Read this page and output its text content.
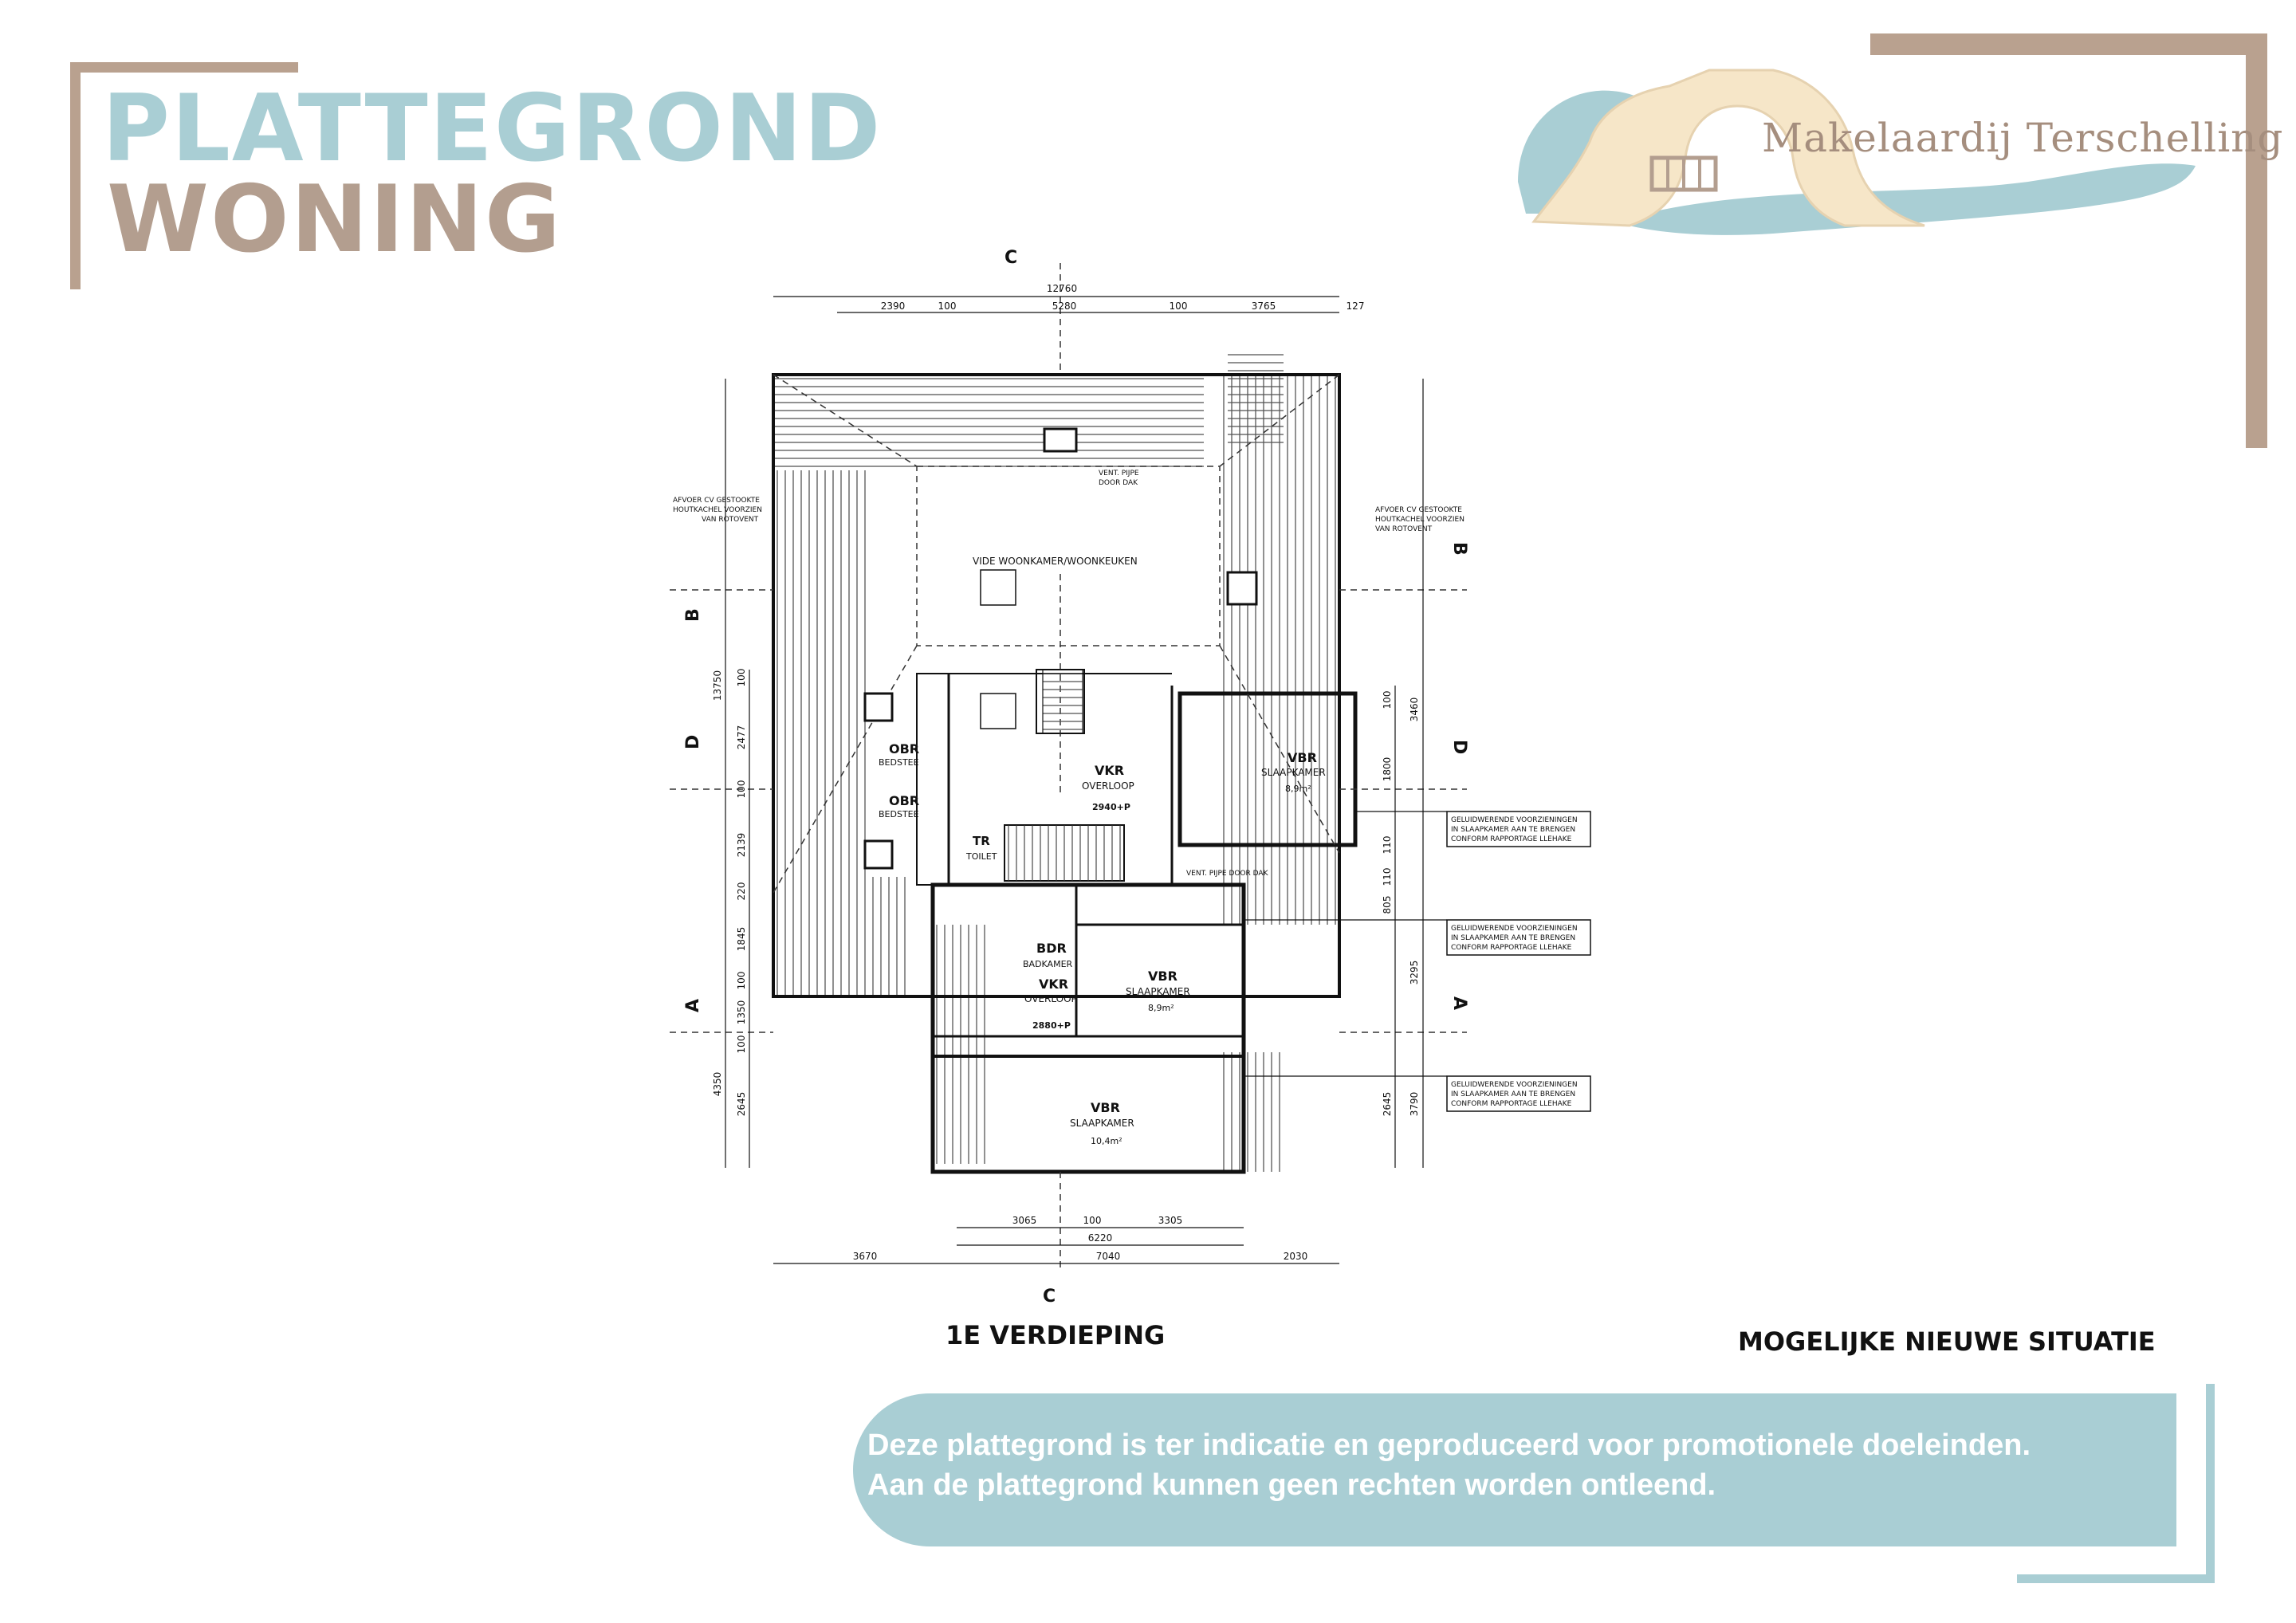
PLATTEGROND
WONING
Makelaardij Terschelling
12760
2390	100	5280	100	3765	127
3065	100	3305
6220
3670	7040	2030
13750
4350
100
2477
100
2139
220
1845
100
1350
100
2645
3460
100
1800
110
110
805
3295
2645 3790
C
C
B
B
D	D
A	A
AFVOER CV GESTOOKTE
HOUTKACHEL VOORZIEN
VAN ROTOVENT
AFVOER CV GESTOOKTE
HOUTKACHEL VOORZIEN
VAN ROTOVENT
VENT. PIJPE
DOOR DAK
VENT. PIJPE DOOR DAK
VIDE WOONKAMER/WOONKEUKEN
GELUIDWERENDE VOORZIENINGEN
IN SLAAPKAMER AAN TE BRENGEN
CONFORM RAPPORTAGE LLEHAKE
GELUIDWERENDE VOORZIENINGEN
IN SLAAPKAMER AAN TE BRENGEN
CONFORM RAPPORTAGE LLEHAKE
GELUIDWERENDE VOORZIENINGEN
IN SLAAPKAMER AAN TE BRENGEN
CONFORM RAPPORTAGE LLEHAKE
OBR
BEDSTEE
OBR
BEDSTEE
VKR
OVERLOOP
2940+P
VBR
SLAAPKAMER
8,9m²
TR
TOILET
BDR
BADKAMER
VBR
SLAAPKAMER
8,9m²
VKR
OVERLOOP
2880+P
VBR
SLAAPKAMER
10,4m²
1E VERDIEPING	MOGELIJKE NIEUWE SITUATIE
Deze plattegrond is ter indicatie en geproduceerd voor promotionele doeleinden.
Aan de plattegrond kunnen geen rechten worden ontleend.
